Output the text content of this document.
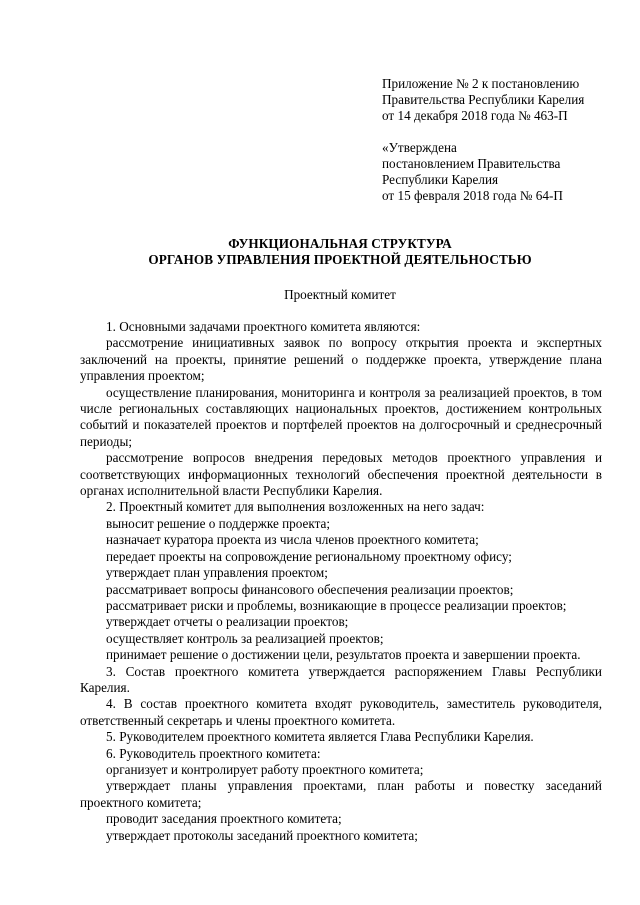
Приложение № 2 к постановлению
Правительства Республики Карелия
от 14 декабря 2018 года № 463-П
«Утверждена
постановлением Правительства
Республики Карелия
от 15 февраля 2018 года № 64-П
ФУНКЦИОНАЛЬНАЯ СТРУКТУРА
ОРГАНОВ УПРАВЛЕНИЯ ПРОЕКТНОЙ ДЕЯТЕЛЬНОСТЬЮ
Проектный комитет

1. Основными задачами проектного комитета являются:

рассмотрение инициативных заявок по вопросу открытия проекта и экспертных заключений на проекты, принятие решений о поддержке проекта, утверждение плана управления проектом;

осуществление планирования, мониторинга и контроля за реализацией проектов, в том числе региональных составляющих национальных проектов, достижением контрольных событий и показателей проектов и портфелей проектов на долгосрочный и среднесрочный периоды;

рассмотрение вопросов внедрения передовых методов проектного управления и соответствующих информационных технологий обеспечения проектной деятельности в органах исполнительной власти Республики Карелия.

2. Проектный комитет для выполнения возложенных на него задач:

выносит решение о поддержке проекта;

назначает куратора проекта из числа членов проектного комитета;

передает проекты на сопровождение региональному проектному офису;

утверждает план управления проектом;

рассматривает вопросы финансового обеспечения реализации проектов;

рассматривает риски и проблемы, возникающие в процессе реализации проектов;

утверждает отчеты о реализации проектов;

осуществляет контроль за реализацией проектов;

принимает решение о достижении цели, результатов проекта и завершении проекта.

3. Состав проектного комитета утверждается распоряжением Главы Республики Карелия.

4. В состав проектного комитета входят руководитель, заместитель руководителя, ответственный секретарь и члены проектного комитета.

5. Руководителем проектного комитета является Глава Республики Карелия.

6. Руководитель проектного комитета:

организует и контролирует работу проектного комитета;

утверждает планы управления проектами, план работы и повестку заседаний проектного комитета;

проводит заседания проектного комитета;

утверждает протоколы заседаний проектного комитета;
